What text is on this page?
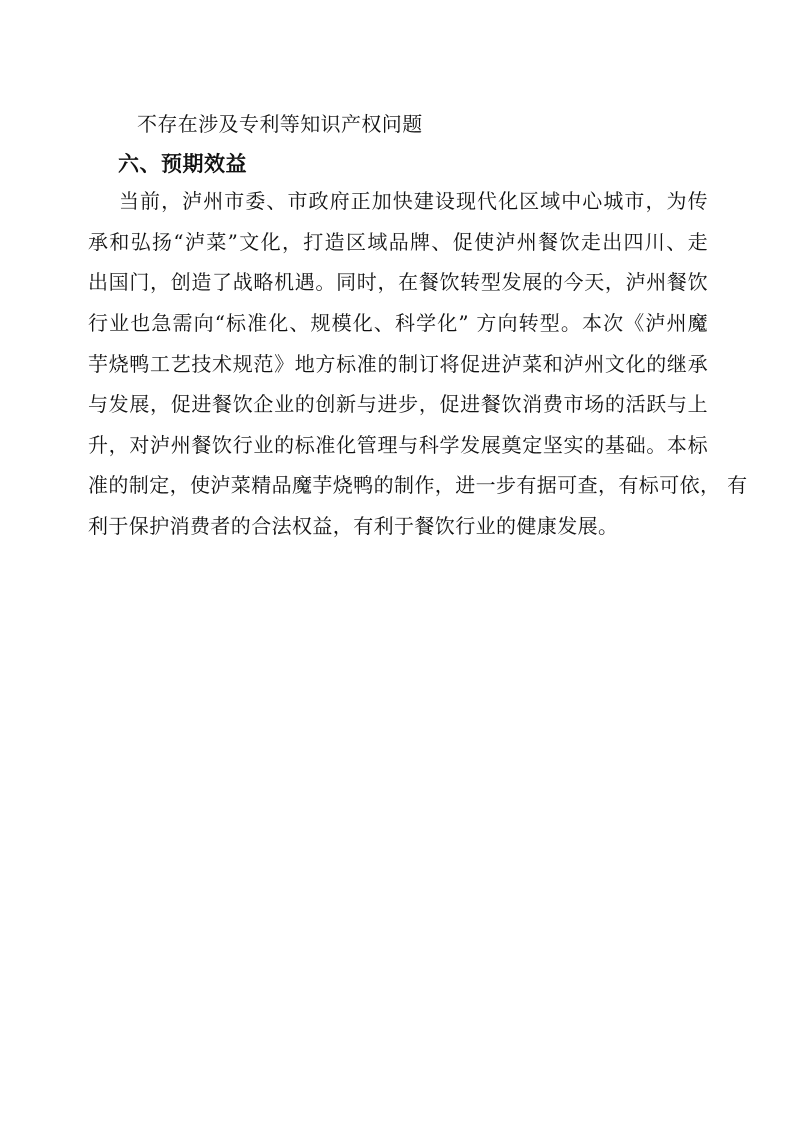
不存在涉及专利等知识产权问题
六、预期效益
当前，泸州市委、市政府正加快建设现代化区域中心城市，为传
承和弘扬“泸菜”文化，打造区域品牌、促使泸州餐饮走出四川、走
出国门，创造了战略机遇。同时，在餐饮转型发展的今天，泸州餐饮
行业也急需向“标准化、规模化、科学化” 方向转型。本次《泸州魔
芋烧鸭工艺技术规范》地方标准的制订将促进泸菜和泸州文化的继承
与发展，促进餐饮企业的创新与进步，促进餐饮消费市场的活跃与上
升，对泸州餐饮行业的标准化管理与科学发展奠定坚实的基础。本标
准的制定，使泸菜精品魔芋烧鸭的制作，进一步有据可查，有标可依， 有
利于保护消费者的合法权益，有利于餐饮行业的健康发展。
